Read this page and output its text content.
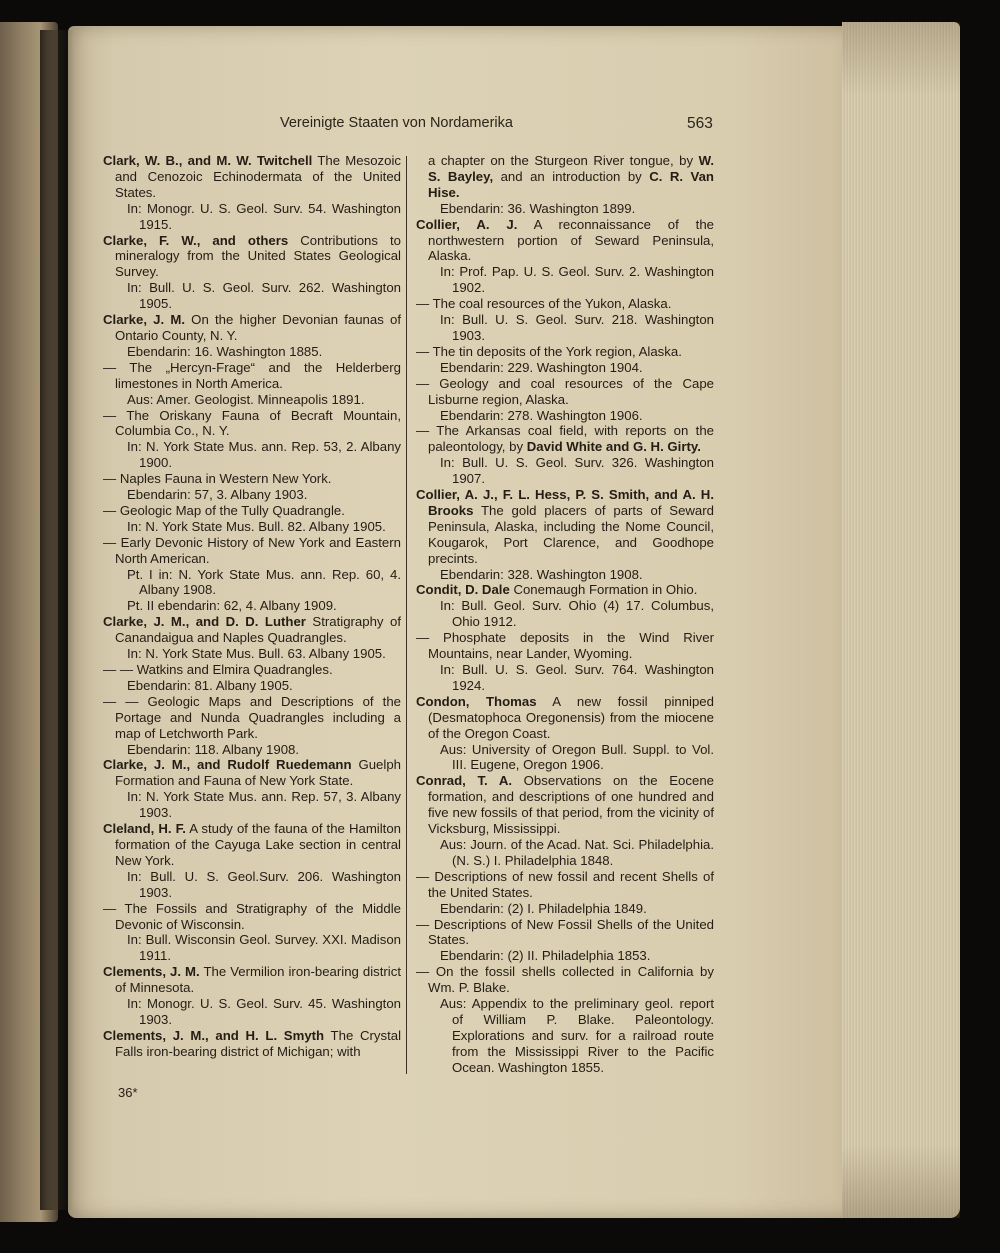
Vereinigte Staaten von Nordamerika	563
Clark, W. B., and M. W. Twitchell The Mesozoic and Cenozoic Echinodermata of the United States.
In: Monogr. U. S. Geol. Surv. 54. Washington 1915.
Clarke, F. W., and others Contributions to mineralogy from the United States Geological Survey.
In: Bull. U. S. Geol. Surv. 262. Washington 1905.
Clarke, J. M. On the higher Devonian faunas of Ontario County, N. Y.
Ebendarin: 16. Washington 1885.
— The „Hercyn-Frage“ and the Helderberg limestones in North America.
Aus: Amer. Geologist. Minneapolis 1891.
— The Oriskany Fauna of Becraft Mountain, Columbia Co., N. Y.
In: N. York State Mus. ann. Rep. 53, 2. Albany 1900.
— Naples Fauna in Western New York.
Ebendarin: 57, 3. Albany 1903.
— Geologic Map of the Tully Quadrangle.
In: N. York State Mus. Bull. 82. Albany 1905.
— Early Devonic History of New York and Eastern North American.
Pt. I in: N. York State Mus. ann. Rep. 60, 4. Albany 1908.
Pt. II ebendarin: 62, 4. Albany 1909.
Clarke, J. M., and D. D. Luther Stratigraphy of Canandaigua and Naples Quadrangles.
In: N. York State Mus. Bull. 63. Albany 1905.
— — Watkins and Elmira Quadrangles.
Ebendarin: 81. Albany 1905.
— — Geologic Maps and Descriptions of the Portage and Nunda Quadrangles including a map of Letchworth Park.
Ebendarin: 118. Albany 1908.
Clarke, J. M., and Rudolf Ruedemann Guelph Formation and Fauna of New York State.
In: N. York State Mus. ann. Rep. 57, 3. Albany 1903.
Cleland, H. F. A study of the fauna of the Hamilton formation of the Cayuga Lake section in central New York.
In: Bull. U. S. Geol.Surv. 206. Washington 1903.
— The Fossils and Stratigraphy of the Middle Devonic of Wisconsin.
In: Bull. Wisconsin Geol. Survey. XXI. Madison 1911.
Clements, J. M. The Vermilion iron-bearing district of Minnesota.
In: Monogr. U. S. Geol. Surv. 45. Washington 1903.
Clements, J. M., and H. L. Smyth The Crystal Falls iron-bearing district of Michigan; with
a chapter on the Sturgeon River tongue, by W. S. Bayley, and an introduction by C. R. Van Hise.
Ebendarin: 36. Washington 1899.
Collier, A. J. A reconnaissance of the northwestern portion of Seward Peninsula, Alaska.
In: Prof. Pap. U. S. Geol. Surv. 2. Washington 1902.
— The coal resources of the Yukon, Alaska.
In: Bull. U. S. Geol. Surv. 218. Washington 1903.
— The tin deposits of the York region, Alaska.
Ebendarin: 229. Washington 1904.
— Geology and coal resources of the Cape Lisburne region, Alaska.
Ebendarin: 278. Washington 1906.
— The Arkansas coal field, with reports on the paleontology, by David White and G. H. Girty.
In: Bull. U. S. Geol. Surv. 326. Washington 1907.
Collier, A. J., F. L. Hess, P. S. Smith, and A. H. Brooks The gold placers of parts of Seward Peninsula, Alaska, including the Nome Council, Kougarok, Port Clarence, and Goodhope precints.
Ebendarin: 328. Washington 1908.
Condit, D. Dale Conemaugh Formation in Ohio.
In: Bull. Geol. Surv. Ohio (4) 17. Columbus, Ohio 1912.
— Phosphate deposits in the Wind River Mountains, near Lander, Wyoming.
In: Bull. U. S. Geol. Surv. 764. Washington 1924.
Condon, Thomas A new fossil pinniped (Desmatophoca Oregonensis) from the miocene of the Oregon Coast.
Aus: University of Oregon Bull. Suppl. to Vol. III. Eugene, Oregon 1906.
Conrad, T. A. Observations on the Eocene formation, and descriptions of one hundred and five new fossils of that period, from the vicinity of Vicksburg, Mississippi.
Aus: Journ. of the Acad. Nat. Sci. Philadelphia. (N. S.) I. Philadelphia 1848.
— Descriptions of new fossil and recent Shells of the United States.
Ebendarin: (2) I. Philadelphia 1849.
— Descriptions of New Fossil Shells of the United States.
Ebendarin: (2) II. Philadelphia 1853.
— On the fossil shells collected in California by Wm. P. Blake.
Aus: Appendix to the preliminary geol. report of William P. Blake. Paleontology. Explorations and surv. for a railroad route from the Mississippi River to the Pacific Ocean. Washington 1855.
36*
